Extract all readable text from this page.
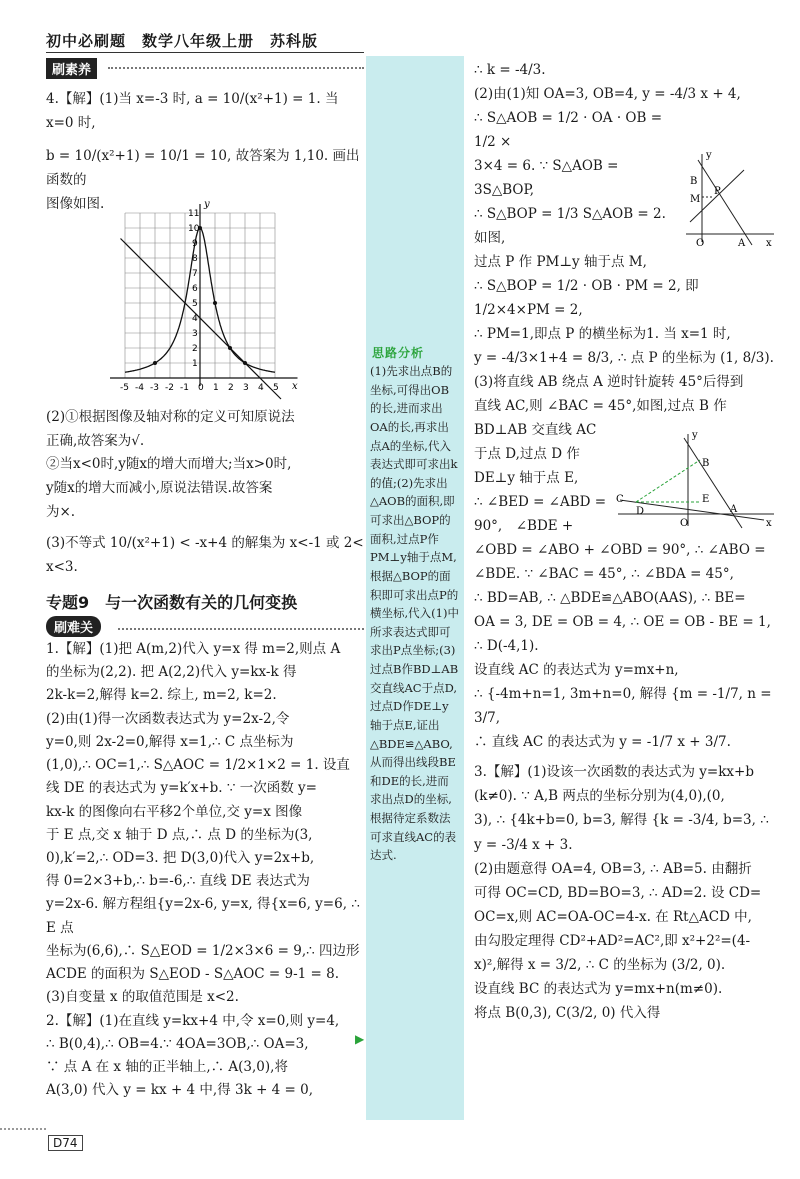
初中必刷题　数学八年级上册　苏科版
刷素养
思路分析
(1)先求出点B的坐标,可得出OB的长,进而求出OA的长,再求出点A的坐标,代入表达式即可求出k的值;(2)先求出△AOB的面积,即可求出△BOP的面积,过点P作PM⊥y轴于点M,根据△BOP的面积即可求出点P的横坐标,代入(1)中所求表达式即可求出P点坐标;(3)过点B作BD⊥AB交直线AC于点D,过点D作DE⊥y轴于点E,证出△BDE≌△ABO,从而得出线段BE和DE的长,进而求出点D的坐标,根据待定系数法可求直线AC的表达式.
▶

4.【解】(1)当 x=-3 时, a = 10/(x²+1) = 1. 当 x=0 时,

b = 10/(x²+1) = 10/1 = 10, 故答案为 1,10. 画出函数的

图像如图.

-5 -4 -3 -2 -1 0 1 2 3 4 5
1
2
3
4
5
6
7
8
9
10
11
x
y

(2)①根据图像及轴对称的定义可知原说法

正确,故答案为√.

②当x<0时,y随x的增大而增大;当x>0时,

y随x的增大而减小,原说法错误.故答案

为×.

(3)不等式 10/(x²+1) < -x+4 的解集为 x<-1 或 2<

x<3.

专题9　与一次函数有关的几何变换
刷难关

1.【解】(1)把 A(m,2)代入 y=x 得 m=2,则点 A

的坐标为(2,2). 把 A(2,2)代入 y=kx-k 得

2k-k=2,解得 k=2. 综上, m=2, k=2.

(2)由(1)得一次函数表达式为 y=2x-2,令

y=0,则 2x-2=0,解得 x=1,∴ C 点坐标为

(1,0),∴ OC=1,∴ S△AOC = 1/2×1×2 = 1. 设直

线 DE 的表达式为 y=k′x+b. ∵ 一次函数 y=

kx-k 的图像向右平移2个单位,交 y=x 图像

于 E 点,交 x 轴于 D 点,∴ 点 D 的坐标为(3,

0),k′=2,∴ OD=3. 把 D(3,0)代入 y=2x+b,

得 0=2×3+b,∴ b=-6,∴ 直线 DE 表达式为

y=2x-6. 解方程组{y=2x-6, y=x, 得{x=6, y=6, ∴ E 点

坐标为(6,6),∴ S△EOD = 1/2×3×6 = 9,∴ 四边形

ACDE 的面积为 S△EOD - S△AOC = 9-1 = 8.

(3)自变量 x 的取值范围是 x<2.

2.【解】(1)在直线 y=kx+4 中,令 x=0,则 y=4,

∴ B(0,4),∴ OB=4.∵ 4OA=3OB,∴ OA=3,

∵ 点 A 在 x 轴的正半轴上,∴ A(3,0),将

A(3,0) 代入 y = kx + 4 中,得 3k + 4 = 0,

∴ k = -4/3.

(2)由(1)知 OA=3, OB=4, y = -4/3 x + 4,

∴ S△AOB = 1/2 · OA · OB = 1/2 ×

3×4 = 6. ∵ S△AOB = 3S△BOP,

∴ S△BOP = 1/3 S△AOB = 2. 如图,

过点 P 作 PM⊥y 轴于点 M,

∴ S△BOP = 1/2 · OB · PM = 2, 即 1/2×4×PM = 2,

∴ PM=1,即点 P 的横坐标为1. 当 x=1 时,

y = -4/3×1+4 = 8/3, ∴ 点 P 的坐标为 (1, 8/3).

(3)将直线 AB 绕点 A 逆时针旋转 45°后得到

直线 AC,则 ∠BAC = 45°,如图,过点 B 作

BD⊥AB 交直线 AC

于点 D,过点 D 作

DE⊥y 轴于点 E,

∴ ∠BED = ∠ABD =

90°,　∠BDE +

∠OBD = ∠ABO + ∠OBD = 90°, ∴ ∠ABO =

∠BDE. ∵ ∠BAC = 45°, ∴ ∠BDA = 45°,

∴ BD=AB, ∴ △BDE≌△ABO(AAS), ∴ BE=

OA = 3, DE = OB = 4, ∴ OE = OB - BE = 1,

∴ D(-4,1).

设直线 AC 的表达式为 y=mx+n,

∴ {-4m+n=1, 3m+n=0, 解得 {m = -1/7, n = 3/7,

∴ 直线 AC 的表达式为 y = -1/7 x + 3/7.

3.【解】(1)设该一次函数的表达式为 y=kx+b

(k≠0). ∵ A,B 两点的坐标分别为(4,0),(0,

3), ∴ {4k+b=0, b=3, 解得 {k = -3/4, b=3, ∴ y = -3/4 x + 3.

(2)由题意得 OA=4, OB=3, ∴ AB=5. 由翻折

可得 OC=CD, BD=BO=3, ∴ AD=2. 设 CD=

OC=x,则 AC=OA-OC=4-x. 在 Rt△ACD 中,

由勾股定理得 CD²+AD²=AC²,即 x²+2²=(4-

x)²,解得 x = 3/2, ∴ C 的坐标为 (3/2, 0).

设直线 BC 的表达式为 y=mx+n(m≠0).

将点 B(0,3), C(3/2, 0) 代入得

y
B
P
M
O	A x
y
B
C	E
D
O
A
x
D74
